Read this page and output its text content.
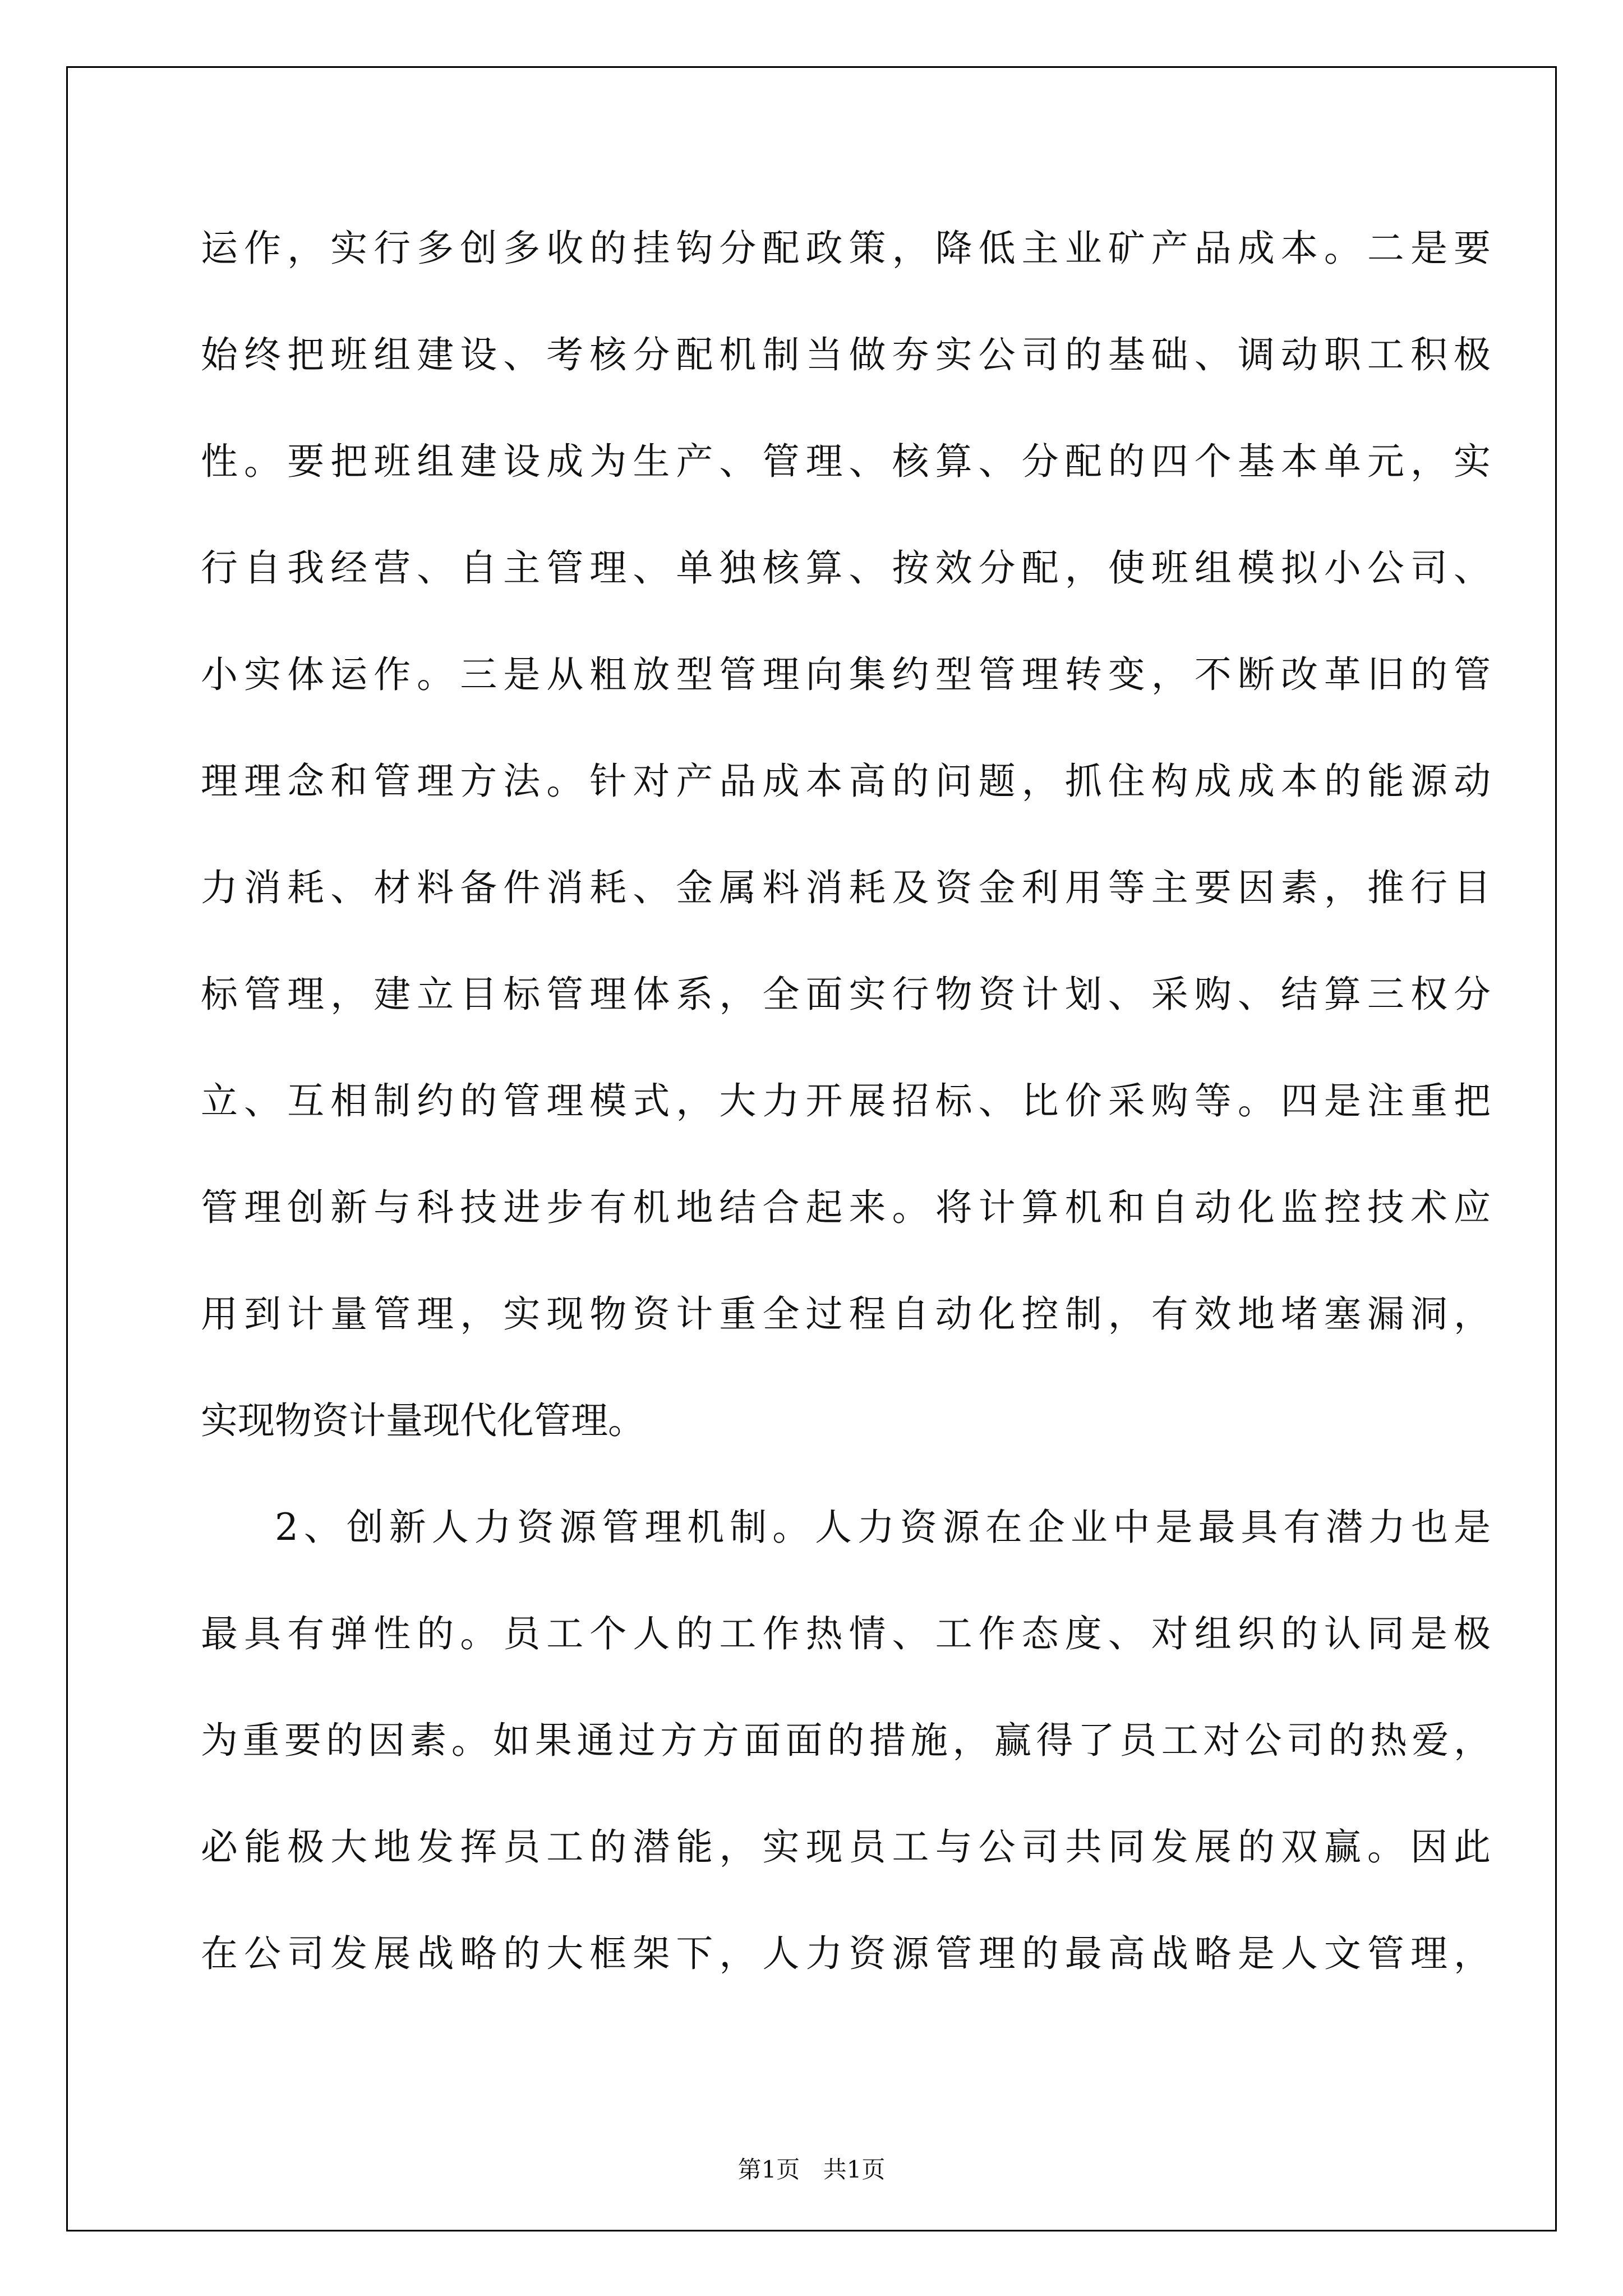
运作，实行多创多收的挂钩分配政策，降低主业矿产品成本。二是要
始终把班组建设、考核分配机制当做夯实公司的基础、调动职工积极
性。要把班组建设成为生产、管理、核算、分配的四个基本单元，实
行自我经营、自主管理、单独核算、按效分配，使班组模拟小公司、
小实体运作。三是从粗放型管理向集约型管理转变，不断改革旧的管
理理念和管理方法。针对产品成本高的问题，抓住构成成本的能源动
力消耗、材料备件消耗、金属料消耗及资金利用等主要因素，推行目
标管理，建立目标管理体系，全面实行物资计划、采购、结算三权分
立、互相制约的管理模式，大力开展招标、比价采购等。四是注重把
管理创新与科技进步有机地结合起来。将计算机和自动化监控技术应
用到计量管理，实现物资计重全过程自动化控制，有效地堵塞漏洞，
实现物资计量现代化管理。
2、创新人力资源管理机制。人力资源在企业中是最具有潜力也是
最具有弹性的。员工个人的工作热情、工作态度、对组织的认同是极
为重要的因素。如果通过方方面面的措施，赢得了员工对公司的热爱，
必能极大地发挥员工的潜能，实现员工与公司共同发展的双赢。因此
在公司发展战略的大框架下，人力资源管理的最高战略是人文管理，
第1页 共1页
